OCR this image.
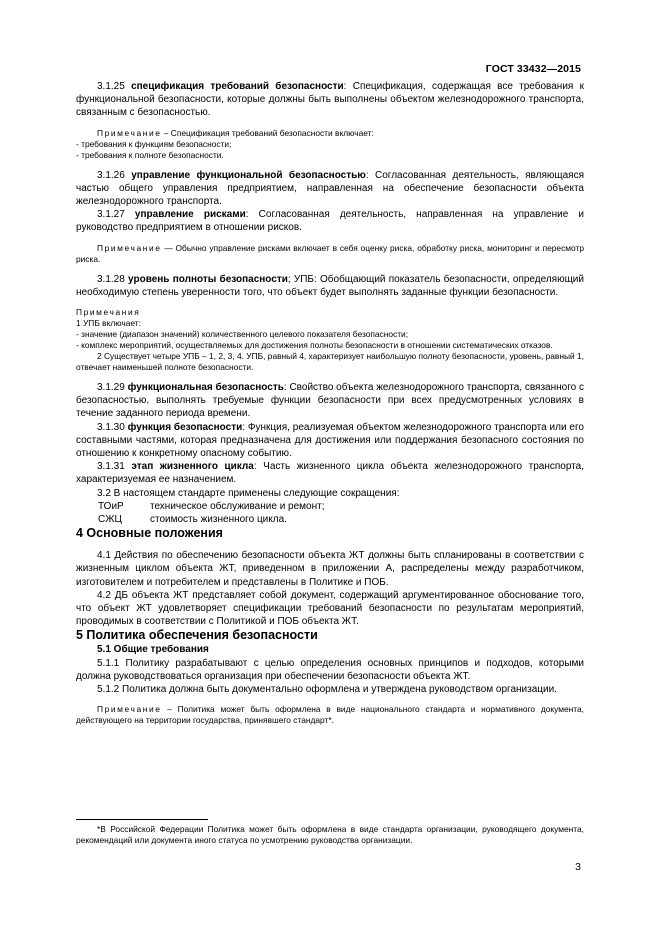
ГОСТ 33432—2015

3.1.25 спецификация требований безопасности: Спецификация, содержащая все требования к функциональной безопасности, которые должны быть выполнены объектом железнодорожного транспорта, связанным с безопасностью.

Примечание – Спецификация требований безопасности включает:

- требования к функциям безопасности;

- требования к полноте безопасности.

3.1.26 управление функциональной безопасностью: Согласованная деятельность, являющаяся частью общего управления предприятием, направленная на обеспечение безопасности объекта железнодорожного транспорта.

3.1.27 управление рисками: Согласованная деятельность, направленная на управление и руководство предприятием в отношении рисков.

Примечание — Обычно управление рисками включает в себя оценку риска, обработку риска, мониторинг и пересмотр риска.

3.1.28 уровень полноты безопасности; УПБ: Обобщающий показатель безопасности, определяющий необходимую степень уверенности того, что объект будет выполнять заданные функции безопасности.

Примечания

1 УПБ включает:

- значение (диапазон значений) количественного целевого показателя безопасности;

- комплекс мероприятий, осуществляемых для достижения полноты безопасности в отношении систематических отказов.

2 Существует четыре УПБ – 1, 2, 3, 4. УПБ, равный 4, характеризует наибольшую полноту безопасности, уровень, равный 1, отвечает наименьшей полноте безопасности.

3.1.29 функциональная безопасность: Свойство объекта железнодорожного транспорта, связанного с безопасностью, выполнять требуемые функции безопасности при всех предусмотренных условиях в течение заданного периода времени.

3.1.30 функция безопасности: Функция, реализуемая объектом железнодорожного транспорта или его составными частями, которая предназначена для достижения или поддержания безопасного состояния по отношению к конкретному опасному событию.

3.1.31 этап жизненного цикла: Часть жизненного цикла объекта железнодорожного транспорта, характеризуемая ее назначением.

3.2 В настоящем стандарте применены следующие сокращения:

ТОиР	техническое обслуживание и ремонт;
СЖЦ	стоимость жизненного цикла.

4 Основные положения

4.1 Действия по обеспечению безопасности объекта ЖТ должны быть спланированы в соответствии с жизненным циклом объекта ЖТ, приведенном в приложении А, распределены между разработчиком, изготовителем и потребителем и представлены в Политике и ПОБ.

4.2 ДБ объекта ЖТ представляет собой документ, содержащий аргументированное обоснование того, что объект ЖТ удовлетворяет спецификации требований безопасности по результатам мероприятий, проводимых в соответствии с Политикой и ПОБ объекта ЖТ.

5 Политика обеспечения безопасности

5.1 Общие требования

5.1.1 Политику разрабатывают с целью определения основных принципов и подходов, которыми должна руководствоваться организация при обеспечении безопасности объекта ЖТ.

5.1.2 Политика должна быть документально оформлена и утверждена руководством организации.

Примечание – Политика может быть оформлена в виде национального стандарта и нормативного документа, действующего на территории государства, принявшего стандарт*.

*В Российской Федерации Политика может быть оформлена в виде стандарта организации, руководящего документа, рекомендаций или документа иного статуса по усмотрению руководства организации.

3
